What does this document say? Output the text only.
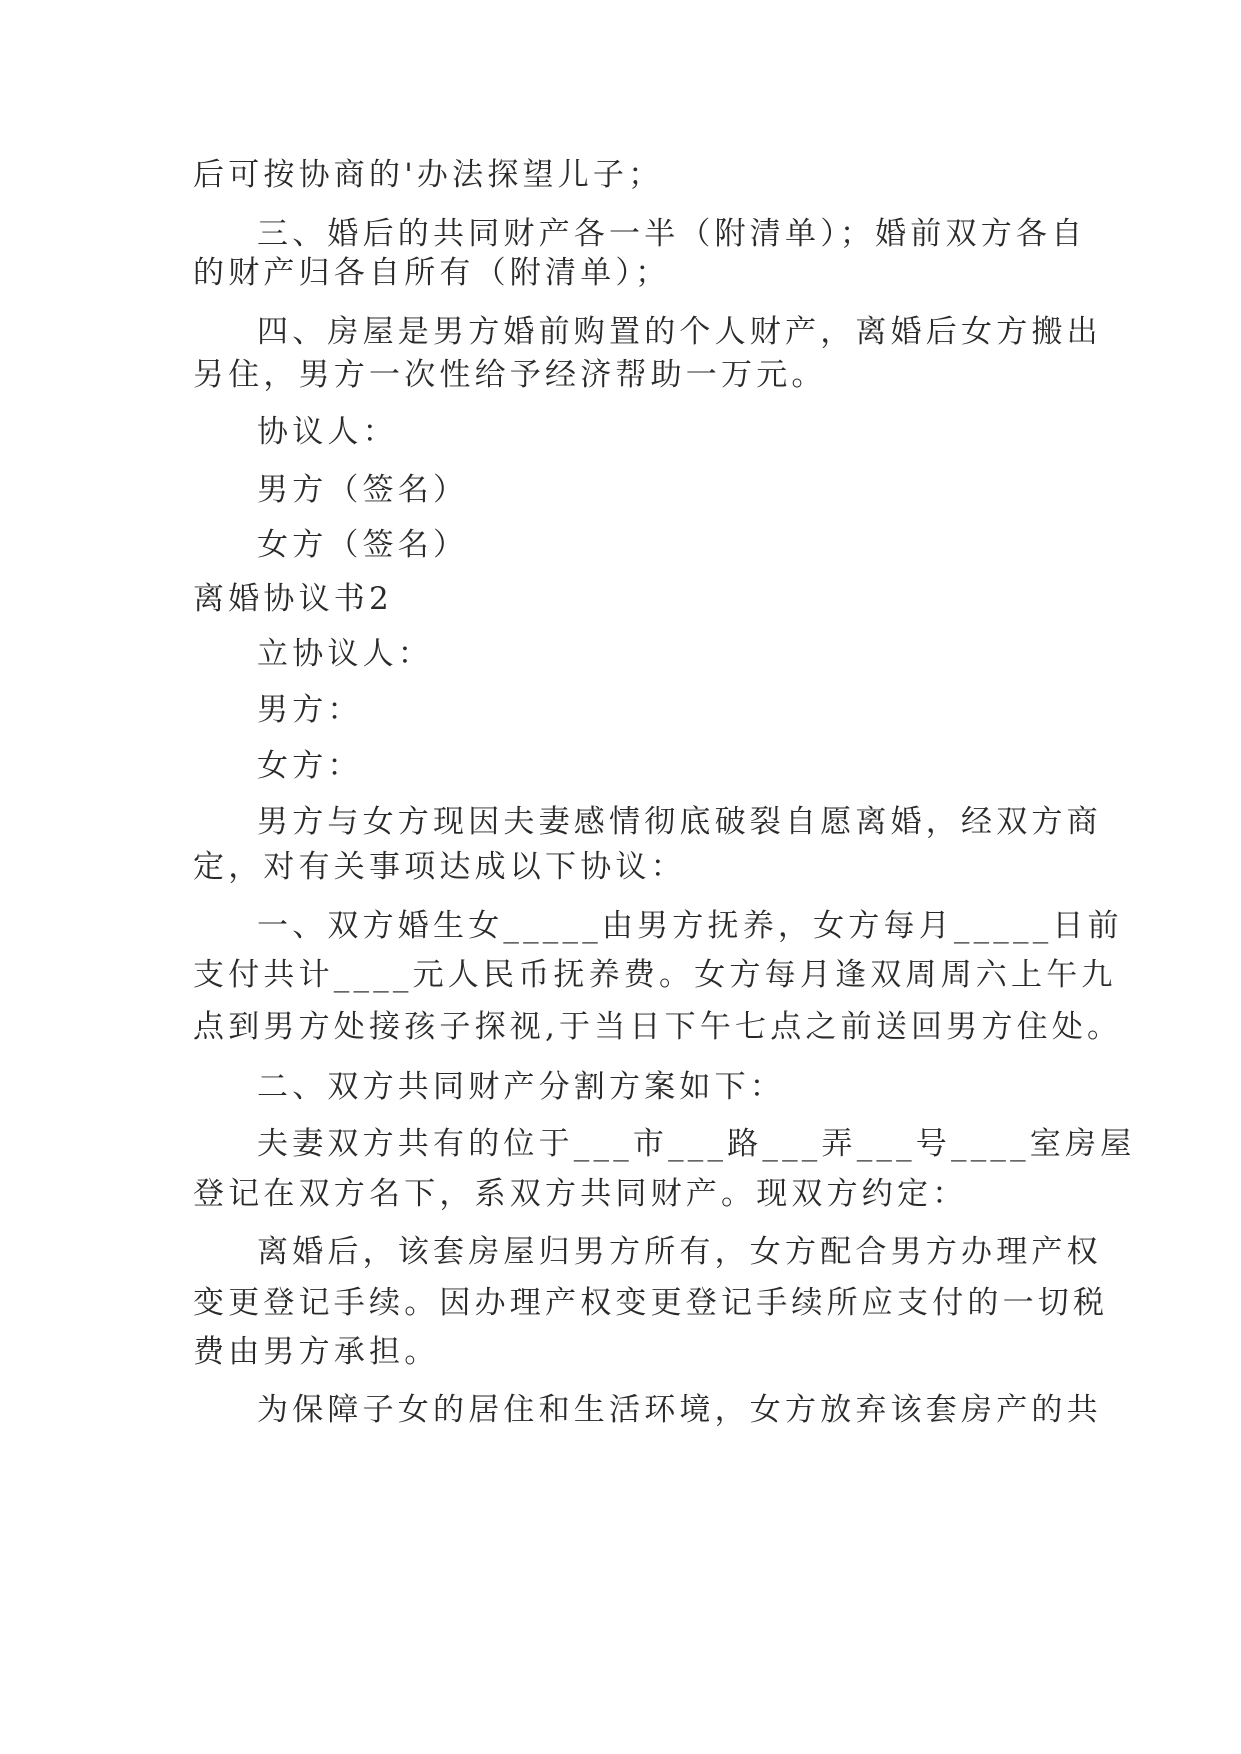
后可按协商的'办法探望儿子；
三、婚后的共同财产各一半（附清单）；婚前双方各自
的财产归各自所有（附清单）；
四、房屋是男方婚前购置的个人财产，离婚后女方搬出
另住，男方一次性给予经济帮助一万元。
协议人：
男方（签名）
女方（签名）
离婚协议书2
立协议人：
男方：
女方：
男方与女方现因夫妻感情彻底破裂自愿离婚，经双方商
定，对有关事项达成以下协议：
一、双方婚生女_____由男方抚养，女方每月_____日前
支付共计____元人民币抚养费。女方每月逢双周周六上午九
点到男方处接孩子探视,于当日下午七点之前送回男方住处。
二、双方共同财产分割方案如下：
夫妻双方共有的位于___市___路___弄___号____室房屋
登记在双方名下，系双方共同财产。现双方约定：
离婚后，该套房屋归男方所有，女方配合男方办理产权
变更登记手续。因办理产权变更登记手续所应支付的一切税
费由男方承担。
为保障子女的居住和生活环境，女方放弃该套房产的共
